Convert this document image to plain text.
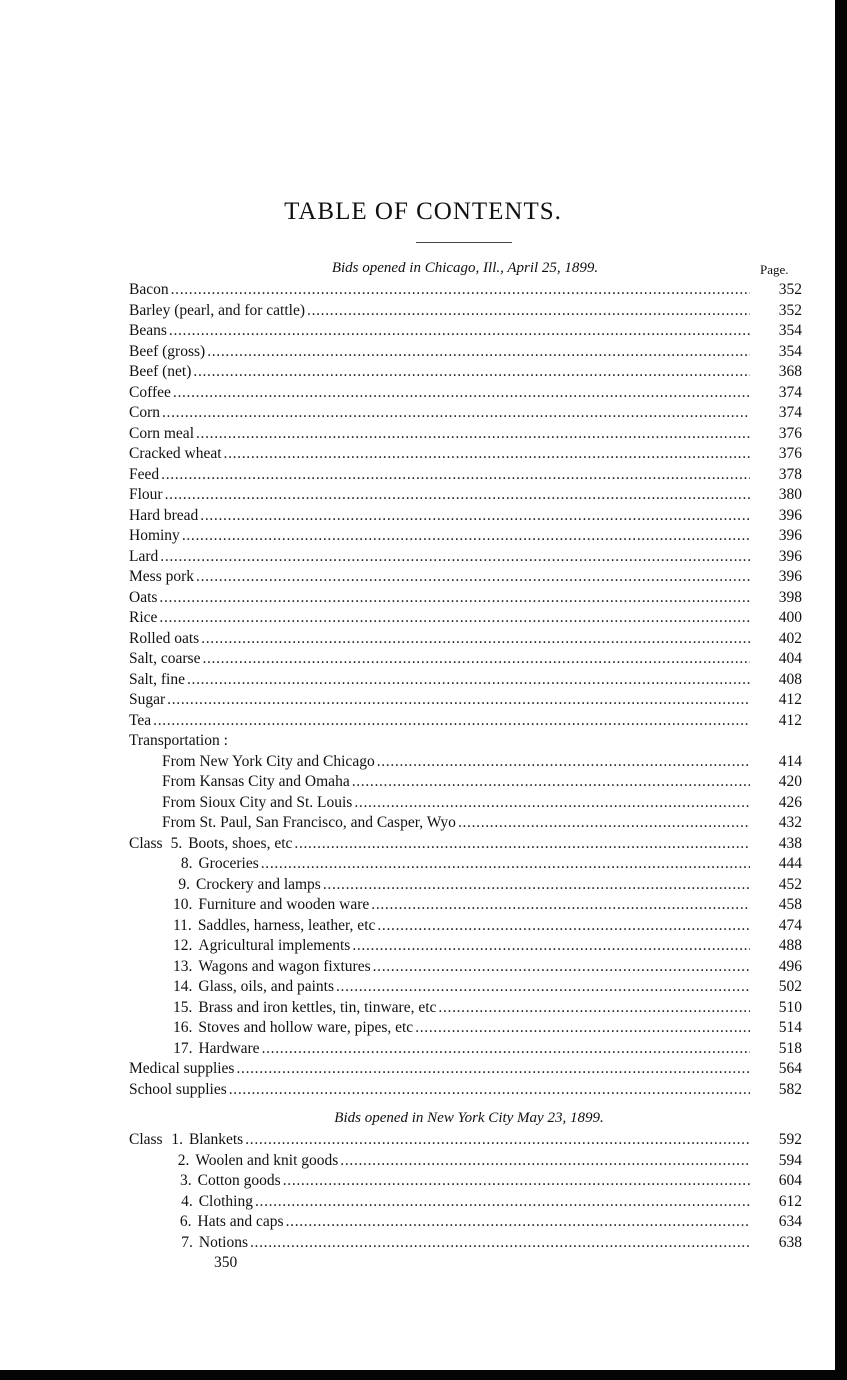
TABLE OF CONTENTS.
Bids opened in Chicago, Ill., April 25, 1899.	Page.
Bacon . . .	352
Barley (pearl, and for cattle) . . .	352
Beans . . .	354
Beef (gross) . . .	354
Beef (net) . . .	368
Coffee . . .	374
Corn . . .	374
Corn meal . . .	376
Cracked wheat . . .	376
Feed . . .	378
Flour . . .	380
Hard bread . . .	396
Hominy . . .	396
Lard . . .	396
Mess pork . . .	396
Oats . . .	398
Rice . . .	400
Rolled oats . . .	402
Salt, coarse . . .	404
Salt, fine . . .	408
Sugar . . .	412
Tea . . .	412
Transportation :
From New York City and Chicago . . .	414
From Kansas City and Omaha . . .	420
From Sioux City and St. Louis . . .	426
From St. Paul, San Francisco, and Casper, Wyo . . .	432
Class 5. Boots, shoes, etc . . .	438
8. Groceries . . .	444
9. Crockery and lamps . . .	452
10. Furniture and wooden ware . . .	458
11. Saddles, harness, leather, etc . . .	474
12. Agricultural implements . . .	488
13. Wagons and wagon fixtures . . .	496
14. Glass, oils, and paints . . .	502
15. Brass and iron kettles, tin, tinware, etc . . .	510
16. Stoves and hollow ware, pipes, etc . . .	514
17. Hardware . . .	518
Medical supplies . . .	564
School supplies . . .	582
Bids opened in New York City May 23, 1899.
Class 1. Blankets . . .	592
2. Woolen and knit goods . . .	594
3. Cotton goods . . .	604
4. Clothing . . .	612
6. Hats and caps . . .	634
7. Notions . . .	638
350
